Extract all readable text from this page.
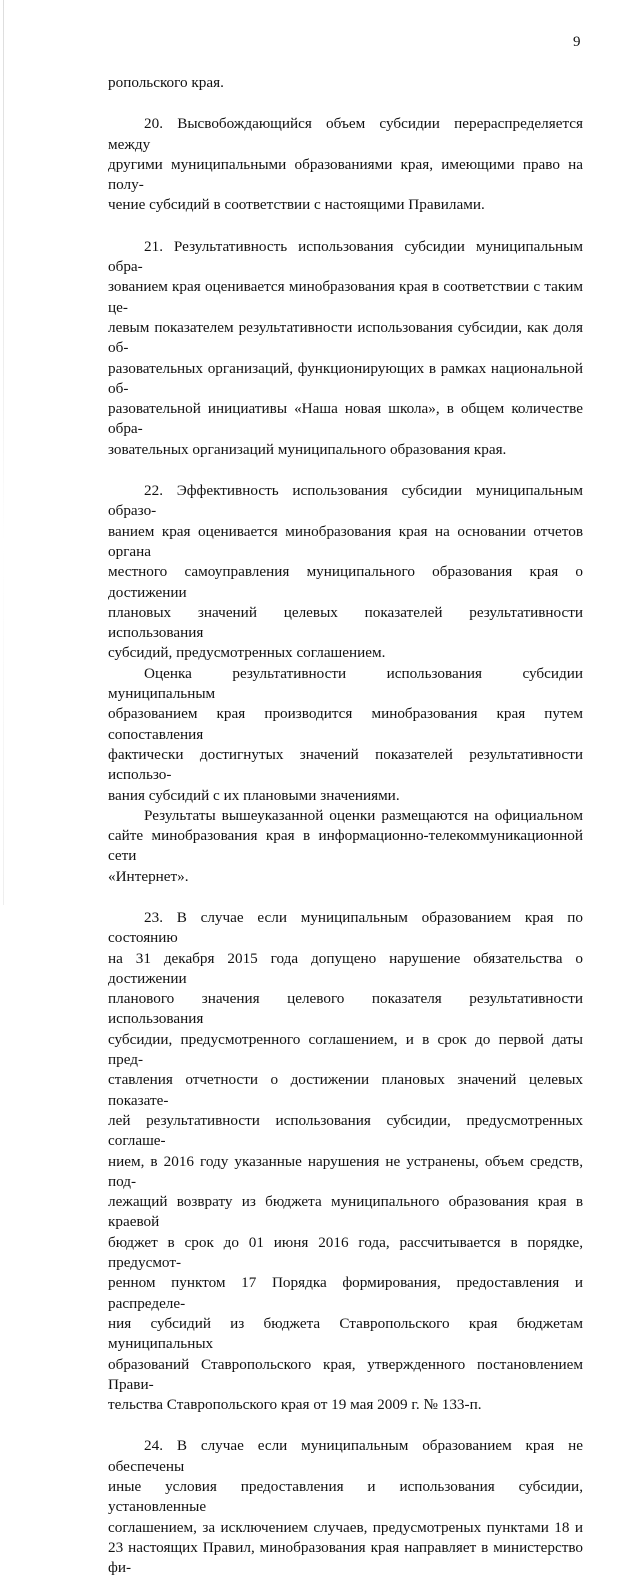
9
ропольского края.
20. Высвобождающийся объем субсидии перераспределяется между
другими муниципальными образованиями края, имеющими право на полу-
чение субсидий в соответствии с настоящими Правилами.
21. Результативность использования субсидии муниципальным обра-
зованием края оценивается минобразования края в соответствии с таким це-
левым показателем результативности использования субсидии, как доля об-
разовательных организаций, функционирующих в рамках национальной об-
разовательной инициативы «Наша новая школа», в общем количестве обра-
зовательных организаций муниципального образования края.
22. Эффективность использования субсидии муниципальным образо-
ванием края оценивается минобразования края на основании отчетов органа
местного самоуправления муниципального образования края о достижении
плановых значений целевых показателей результативности использования
субсидий, предусмотренных соглашением.
Оценка результативности использования субсидии муниципальным
образованием края производится минобразования края путем сопоставления
фактически достигнутых значений показателей результативности использо-
вания субсидий с их плановыми значениями.
Результаты вышеуказанной оценки размещаются на официальном
сайте минобразования края в информационно-телекоммуникационной сети
«Интернет».
23. В случае если муниципальным образованием края по состоянию
на 31 декабря 2015 года допущено нарушение обязательства о достижении
планового значения целевого показателя результативности использования
субсидии, предусмотренного соглашением, и в срок до первой даты пред-
ставления отчетности о достижении плановых значений целевых показате-
лей результативности использования субсидии, предусмотренных соглаше-
нием, в 2016 году указанные нарушения не устранены, объем средств, под-
лежащий возврату из бюджета муниципального образования края в краевой
бюджет в срок до 01 июня 2016 года, рассчитывается в порядке, предусмот-
ренном пунктом 17 Порядка формирования, предоставления и распределе-
ния субсидий из бюджета Ставропольского края бюджетам муниципальных
образований Ставропольского края, утвержденного постановлением Прави-
тельства Ставропольского края от 19 мая 2009 г. № 133-п.
24. В случае если муниципальным образованием края не обеспечены
иные условия предоставления и использования субсидии, установленные
соглашением, за исключением случаев, предусмотреных пунктами 18 и
23 настоящих Правил, минобразования края направляет в министерство фи-
